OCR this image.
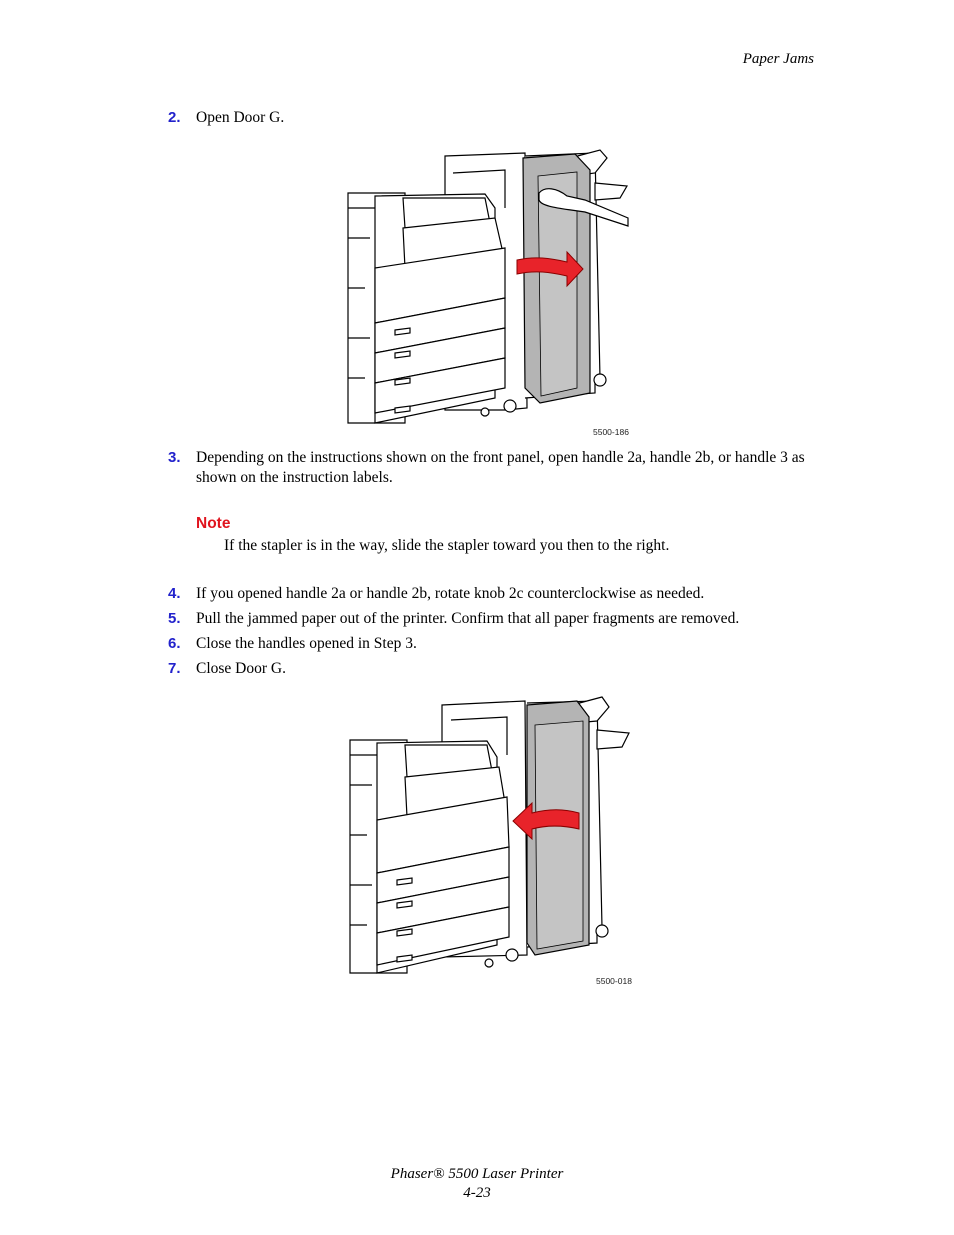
Paper Jams
2. Open Door G.
5500-186
3. Depending on the instructions shown on the front panel, open handle 2a, handle 2b, or handle 3 as shown on the instruction labels.
Note
If the stapler is in the way, slide the stapler toward you then to the right.
4. If you opened handle 2a or handle 2b, rotate knob 2c counterclockwise as needed.
5. Pull the jammed paper out of the printer. Confirm that all paper fragments are removed.
6. Close the handles opened in Step 3.
7. Close Door G.
5500-018
Phaser® 5500 Laser Printer
4-23
